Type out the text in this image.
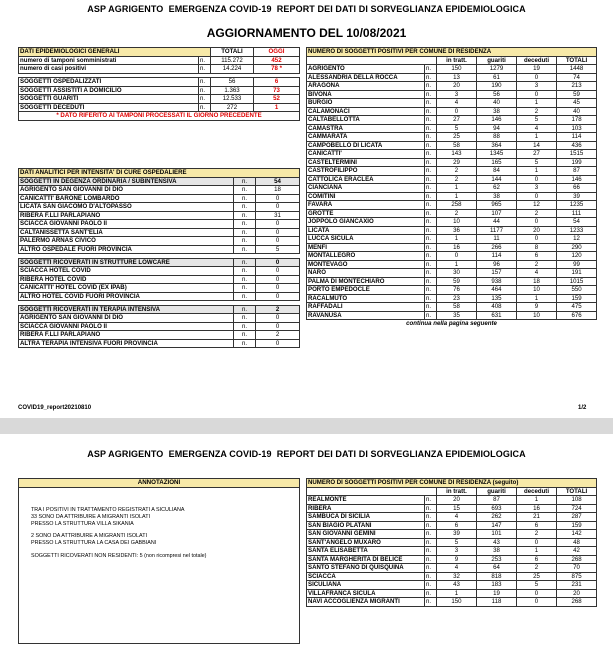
ASP AGRIGENTO EMERGENZA COVID-19 REPORT DEI DATI DI SORVEGLIANZA EPIDEMIOLOGICA
AGGIORNAMENTO DEL 10/08/2021
DATI EPIDEMIOLOGICI GENERALI		TOTALI	OGGI
numero di tamponi somministrati	n.	115.272	452
numero di casi positivi	n.	14.224	78 *

SOGGETTI OSPEDALIZZATI	n.	56	6
SOGGETTI ASSISTITI A DOMICILIO	n.	1.363	73
SOGGETTI GUARITI	n.	12.533	52
SOGGETTI DECEDUTI	n.	272	1
* DATO RIFERITO AI TAMPONI PROCESSATI IL GIORNO PRECEDENTE			
DATI ANALITICI PER INTENSITA' DI CURE OSPEDALIERE		
SOGGETTI IN DEGENZA ORDINARIA / SUBINTENSIVA	n.	54
AGRIGENTO SAN GIOVANNI DI DIO	n.	18
CANICATTI' BARONE LOMBARDO	n.	0
LICATA SAN GIACOMO D'ALTOPASSO	n.	0
RIBERA F.LLI PARLAPIANO	n.	31
SCIACCA GIOVANNI PAOLO II	n.	0
CALTANISSETTA SANT'ELIA	n.	0
PALERMO ARNAS CIVICO	n.	0
ALTRO OSPEDALE FUORI PROVINCIA	n.	5

SOGGETTI RICOVERATI IN STRUTTURE LOWCARE	n.	0
SCIACCA HOTEL COVID	n.	0
RIBERA HOTEL COVID	n.	0
CANICATTI' HOTEL COVID (EX IPAB)	n.	0
ALTRO HOTEL COVID FUORI PROVINCIA	n.	0

SOGGETTI RICOVERATI IN TERAPIA INTENSIVA	n.	2
AGRIGENTO SAN GIOVANNI DI DIO	n.	0
SCIACCA GIOVANNI PAOLO II	n.	0
RIBERA F.LLI PARLAPIANO	n.	2
ALTRA TERAPIA INTENSIVA FUORI PROVINCIA	n.	0
NUMERO DI SOGGETTI POSITIVI PER COMUNE DI RESIDENZA					
		in tratt.	guariti	deceduti	TOTALI
AGRIGENTO	n.	150	1279	19	1448
ALESSANDRIA DELLA ROCCA	n.	13	61	0	74
ARAGONA	n.	20	190	3	213
BIVONA	n.	3	56	0	59
BURGIO	n.	4	40	1	45
CALAMONACI	n.	0	38	2	40
CALTABELLOTTA	n.	27	146	5	178
CAMASTRA	n.	5	94	4	103
CAMMARATA	n.	25	88	1	114
CAMPOBELLO DI LICATA	n.	58	364	14	436
CANICATTI'	n.	143	1345	27	1515
CASTELTERMINI	n.	29	165	5	199
CASTROFILIPPO	n.	2	84	1	87
CATTOLICA ERACLEA	n.	2	144	0	146
CIANCIANA	n.	1	62	3	66
COMITINI	n.	1	38	0	39
FAVARA	n.	258	965	12	1235
GROTTE	n.	2	107	2	111
JOPPOLO GIANCAXIO	n.	10	44	0	54
LICATA	n.	36	1177	20	1233
LUCCA SICULA	n.	1	11	0	12
MENFI	n.	16	266	8	290
MONTALLEGRO	n.	0	114	6	120
MONTEVAGO	n.	1	96	2	99
NARO	n.	30	157	4	191
PALMA DI MONTECHIARO	n.	59	938	18	1015
PORTO EMPEDOCLE	n.	76	464	10	550
RACALMUTO	n.	23	135	1	159
RAFFADALI	n.	58	408	9	475
RAVANUSA	n.	35	631	10	676
continua nella pagina seguente					
COVID19_report20210810	1/2
ASP AGRIGENTO EMERGENZA COVID-19 REPORT DEI DATI DI SORVEGLIANZA EPIDEMIOLOGICA
ANNOTAZIONI
TRA I POSITIVI IN TRATTAMENTO REGISTRATI A SICULIANA
33 SONO DA ATTRIBUIRE A MIGRANTI ISOLATI
PRESSO LA STRUTTURA VILLA SIKANIA
2 SONO DA ATTRIBUIRE A MIGRANTI ISOLATI
PRESSO LA STRUTTURA LA CASA DEI GABBIANI
SOGGETTI RICOVERATI NON RESIDENTI: 5 (non ricompresi nel totale)
NUMERO DI SOGGETTI POSITIVI PER COMUNE DI RESIDENZA (seguito)					
		in tratt.	guariti	deceduti	TOTALI
REALMONTE	n.	20	87	1	108
RIBERA	n.	15	693	16	724
SAMBUCA DI SICILIA	n.	4	262	21	287
SAN BIAGIO PLATANI	n.	6	147	6	159
SAN GIOVANNI GEMINI	n.	39	101	2	142
SANT'ANGELO MUXARO	n.	5	43	0	48
SANTA ELISABETTA	n.	3	38	1	42
SANTA MARGHERITA DI BELICE	n.	9	253	6	268
SANTO STEFANO DI QUISQUINA	n.	4	64	2	70
SCIACCA	n.	32	818	25	875
SICULIANA	n.	43	183	5	231
VILLAFRANCA SICULA	n.	1	19	0	20
NAVI ACCOGLIENZA MIGRANTI	n.	150	118	0	268
